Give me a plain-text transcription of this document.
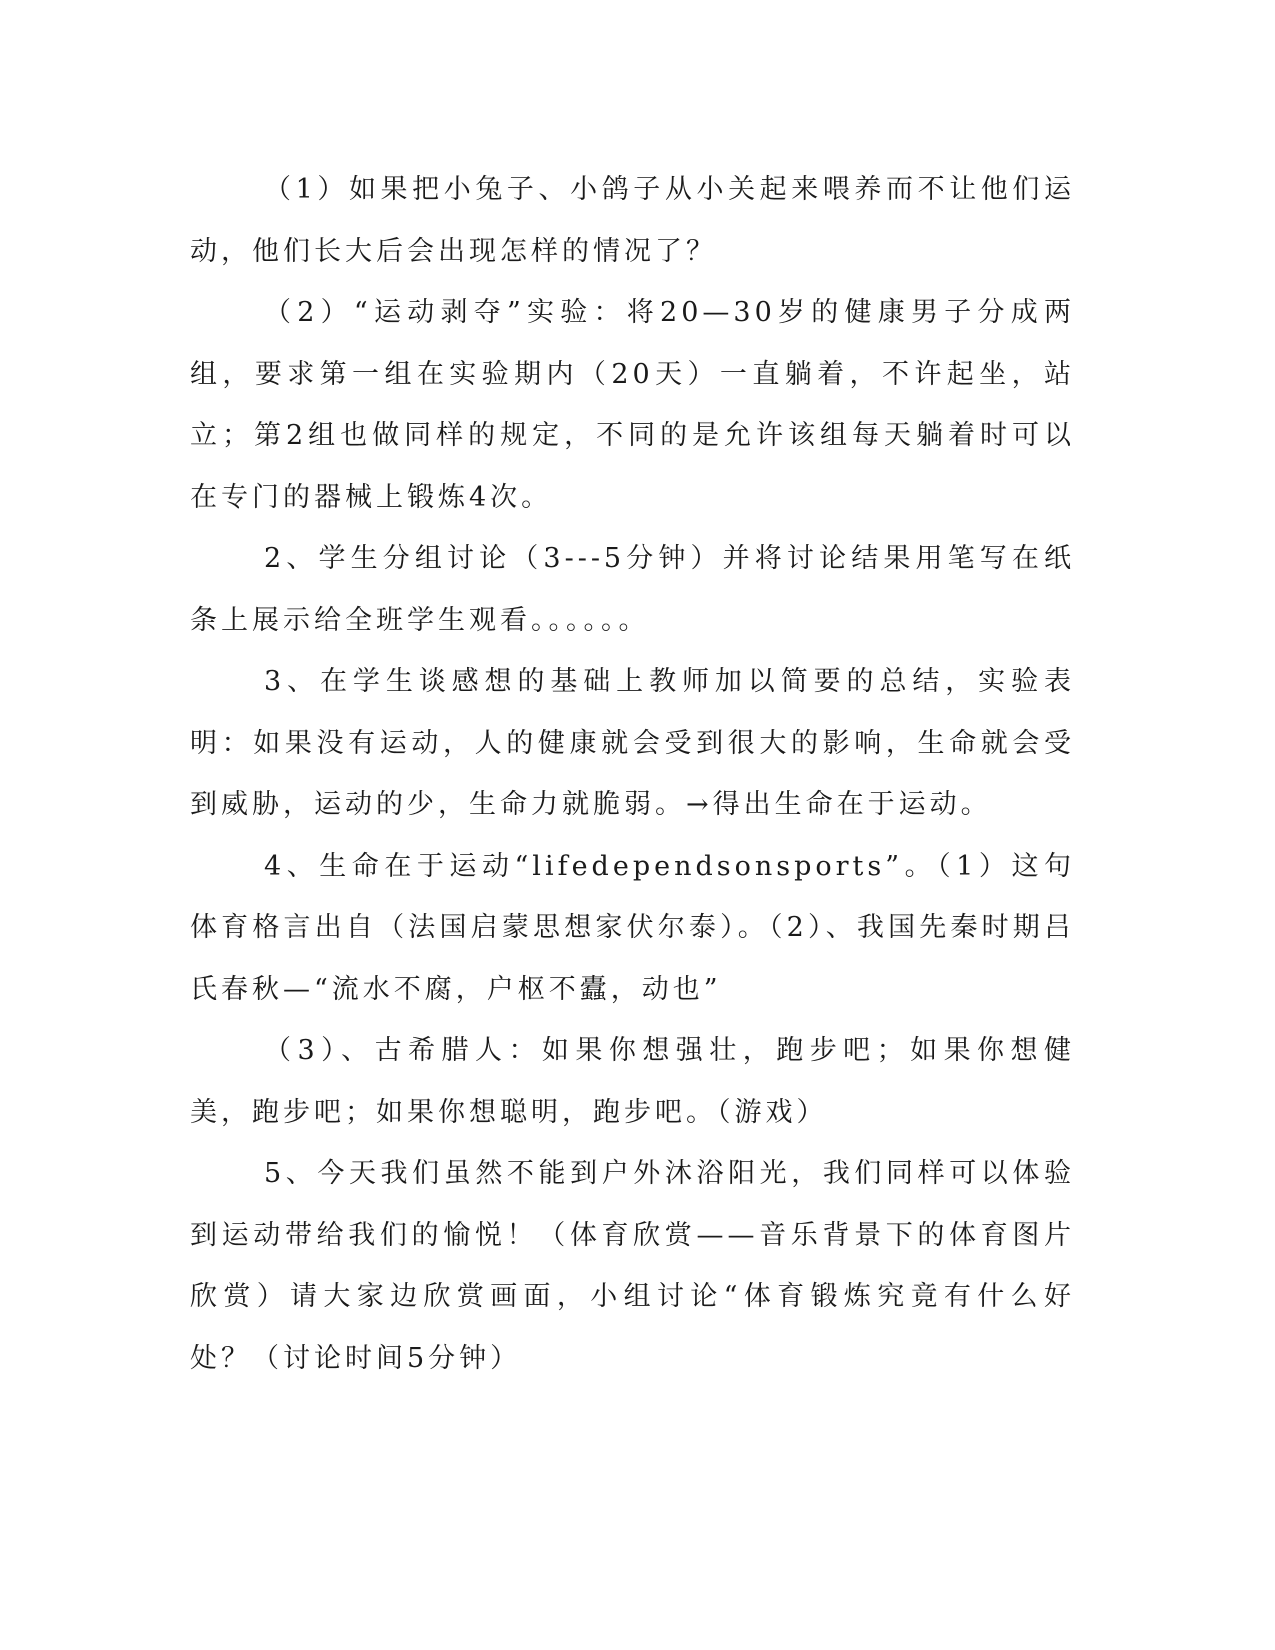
（1）如果把小兔子、小鸽子从小关起来喂养而不让他们运动，他们长大后会出现怎样的情况了？

（2）“运动剥夺”实验：将20—30岁的健康男子分成两组，要求第一组在实验期内（20天）一直躺着，不许起坐，站立；第2组也做同样的规定，不同的是允许该组每天躺着时可以在专门的器械上锻炼4次。

2、学生分组讨论（3---5分钟）并将讨论结果用笔写在纸条上展示给全班学生观看。。。。。。

3、在学生谈感想的基础上教师加以简要的总结，实验表明：如果没有运动，人的健康就会受到很大的影响，生命就会受到威胁，运动的少，生命力就脆弱。→得出生命在于运动。

4、生命在于运动“lifedependsonsports”。（1）这句体育格言出自（法国启蒙思想家伏尔泰）。（2）、我国先秦时期吕氏春秋—“流水不腐，户枢不蠹，动也”

（3）、古希腊人：如果你想强壮，跑步吧；如果你想健美，跑步吧；如果你想聪明，跑步吧。（游戏）

5、今天我们虽然不能到户外沐浴阳光，我们同样可以体验到运动带给我们的愉悦！（体育欣赏——音乐背景下的体育图片欣赏）请大家边欣赏画面，小组讨论“体育锻炼究竟有什么好处？（讨论时间5分钟）
